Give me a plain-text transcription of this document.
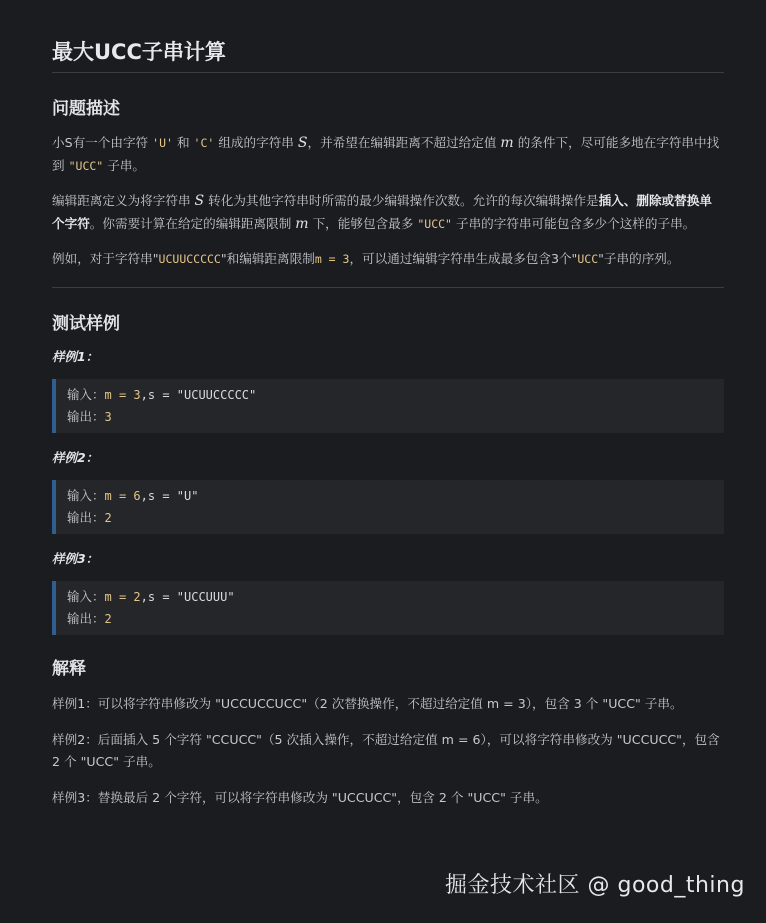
最大UCC子串计算
问题描述

小S有一个由字符 'U' 和 'C' 组成的字符串 S，并希望在编辑距离不超过给定值 m 的条件下，尽可能多地在字符串中找到 "UCC" 子串。

编辑距离定义为将字符串 S 转化为其他字符串时所需的最少编辑操作次数。允许的每次编辑操作是插入、删除或替换单个字符。你需要计算在给定的编辑距离限制 m 下，能够包含最多 "UCC" 子串的字符串可能包含多少个这样的子串。

例如，对于字符串"UCUUCCCCC"和编辑距离限制m = 3，可以通过编辑字符串生成最多包含3个"UCC"子串的序列。

测试样例
样例1：
输入：m = 3,s = "UCUUCCCCC"
输出：3
样例2：
输入：m = 6,s = "U"
输出：2
样例3：
输入：m = 2,s = "UCCUUU"
输出：2
解释

样例1：可以将字符串修改为 "UCCUCCUCC"（2 次替换操作，不超过给定值 m = 3），包含 3 个 "UCC" 子串。

样例2：后面插入 5 个字符 "CCUCC"（5 次插入操作，不超过给定值 m = 6），可以将字符串修改为 "UCCUCC"，包含 2 个 "UCC" 子串。

样例3：替换最后 2 个字符，可以将字符串修改为 "UCCUCC"，包含 2 个 "UCC" 子串。

掘金技术社区 @ good_thing
